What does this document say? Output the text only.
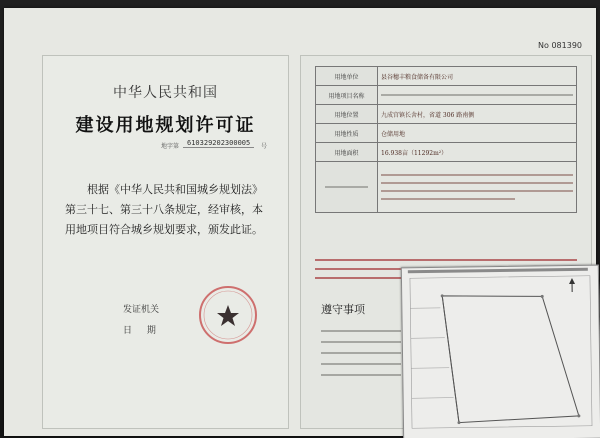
No 081390
中华人民共和国
建设用地规划许可证
地字第	610329202300005	号
根据《中华人民共和国城乡规划法》第三十七、第三十八条规定，经审核，本用地项目符合城乡规划要求，颁发此证。
发证机关
日 期
用地单位	县谷穗丰粮食储备有限公司
用地项目名称	

用地位置	九成宫镇长舍村，省道 306 路南侧
用地性质	仓储用地
用地面积	16.938亩（11292m²）

遵守事项
